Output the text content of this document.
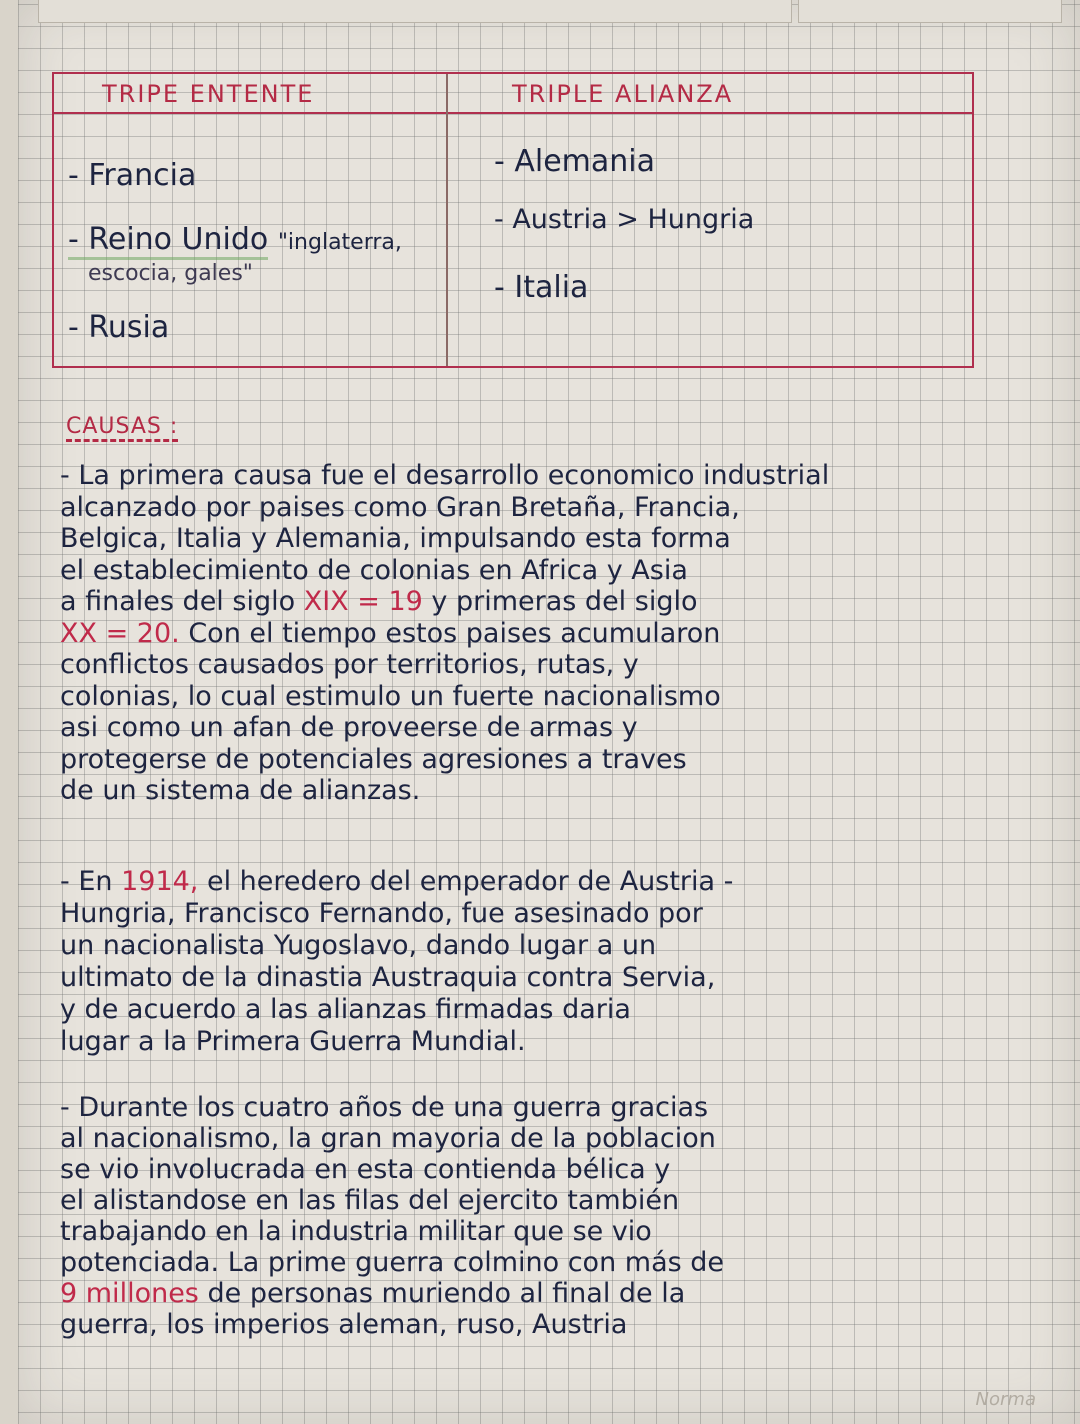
TRIPE ENTENTE	TRIPLE ALIANZA
- Francia
- Reino Unido "inglaterra,
escocia, gales"
- Rusia
- Alemania
- Austria > Hungria
- Italia
CAUSAS :
- La primera causa fue el desarrollo economico industrial
alcanzado por paises como Gran Bretaña, Francia,
Belgica, Italia y Alemania, impulsando esta forma
el establecimiento de colonias en Africa y Asia
a finales del siglo XIX = 19 y primeras del siglo
XX = 20. Con el tiempo estos paises acumularon
conflictos causados por territorios, rutas, y
colonias, lo cual estimulo un fuerte nacionalismo
asi como un afan de proveerse de armas y
protegerse de potenciales agresiones a traves
de un sistema de alianzas.
- En 1914, el heredero del emperador de Austria -
Hungria, Francisco Fernando, fue asesinado por
un nacionalista Yugoslavo, dando lugar a un
ultimato de la dinastia Austraquia contra Servia,
y de acuerdo a las alianzas firmadas daria
lugar a la Primera Guerra Mundial.
- Durante los cuatro años de una guerra gracias
al nacionalismo, la gran mayoria de la poblacion
se vio involucrada en esta contienda bélica y
el alistandose en las filas del ejercito también
trabajando en la industria militar que se vio
potenciada. La prime guerra colmino con más de
9 millones de personas muriendo al final de la
guerra, los imperios aleman, ruso, Austria
Norma
